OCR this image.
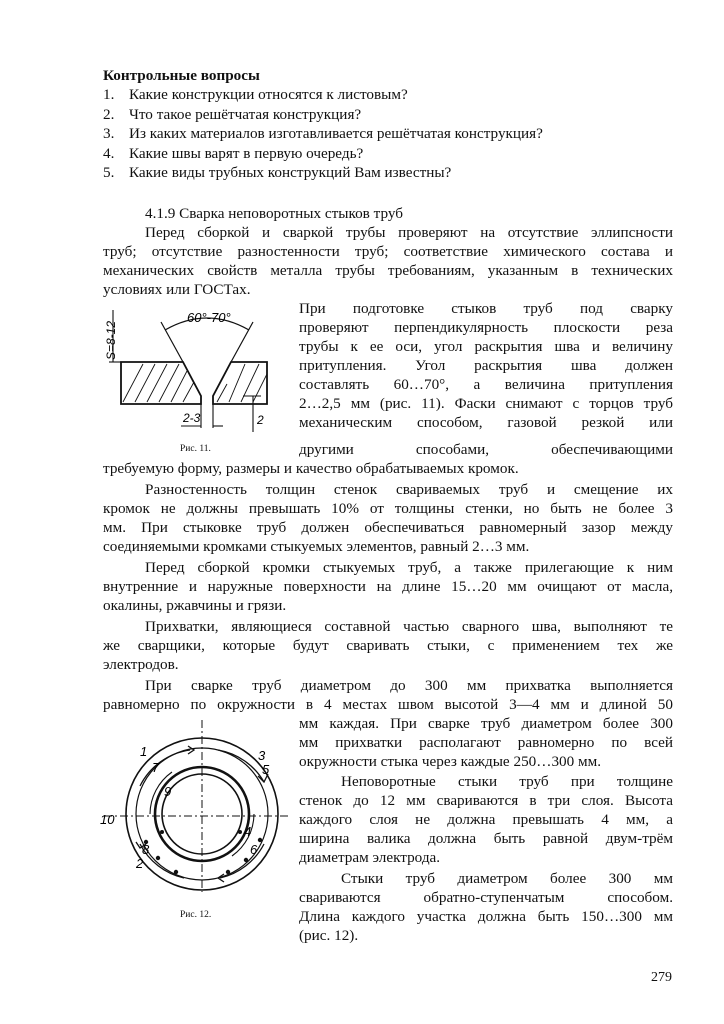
Контрольные вопросы
1. Какие конструкции относятся к листовым?
2. Что такое решётчатая конструкция?
3. Из каких материалов изготавливается решётчатая конструкция?
4. Какие швы варят в первую очередь?
5. Какие виды трубных конструкций Вам известны?
4.1.9 Сварка неповоротных стыков труб
Перед сборкой и сваркой трубы проверяют на отсутствие эллипсности
труб; отсутствие разностенности труб; соответствие химического состава и
механических свойств металла трубы требованиям, указанным в технических
условиях или ГОСТах.
60°-70°
S=8-12
2-3	2
Рис. 11.
При подготовке стыков труб под сварку
проверяют перпендикулярность плоскости реза
трубы к ее оси, угол раскрытия шва и величину
притупления. Угол раскрытия шва должен
составлять 60…70°, а величина притупления
2…2,5 мм (рис. 11). Фаски снимают с торцов труб
механическим способом, газовой резкой или
другими способами, обеспечивающими
требуемую форму, размеры и качество обрабатываемых кромок.
Разностенность толщин стенок свариваемых труб и смещение их
кромок не должны превышать 10% от толщины стенки, но быть не более 3
мм. При стыковке труб должен обеспечиваться равномерный зазор между
соединяемыми кромками стыкуемых элементов, равный 2…3 мм.
Перед сборкой кромки стыкуемых труб, а также прилегающие к ним
внутренние и наружные поверхности на длине 15…20 мм очищают от масла,
окалины, ржавчины и грязи.
Прихватки, являющиеся составной частью сварного шва, выполняют те
же сварщики, которые будут сваривать стыки, с применением тех же
электродов.
При сварке труб диаметром до 300 мм прихватка выполняется
равномерно по окружности в 4 местах швом высотой 3—4 мм и длиной 50
мм каждая. При сварке труб диаметром более 300
мм прихватки располагают равномерно по всей
окружности стыка через каждые 250…300 мм.
1
2
3
4
5
6
7
8
9
10
Рис. 12.
Неповоротные стыки труб при толщине
стенок до 12 мм свариваются в три слоя. Высота
каждого слоя не должна превышать 4 мм, а
ширина валика должна быть равной двум-трём
диаметрам электрода.
Стыки труб диаметром более 300 мм
свариваются обратно-ступенчатым способом.
Длина каждого участка должна быть 150…300 мм
(рис. 12).
279
